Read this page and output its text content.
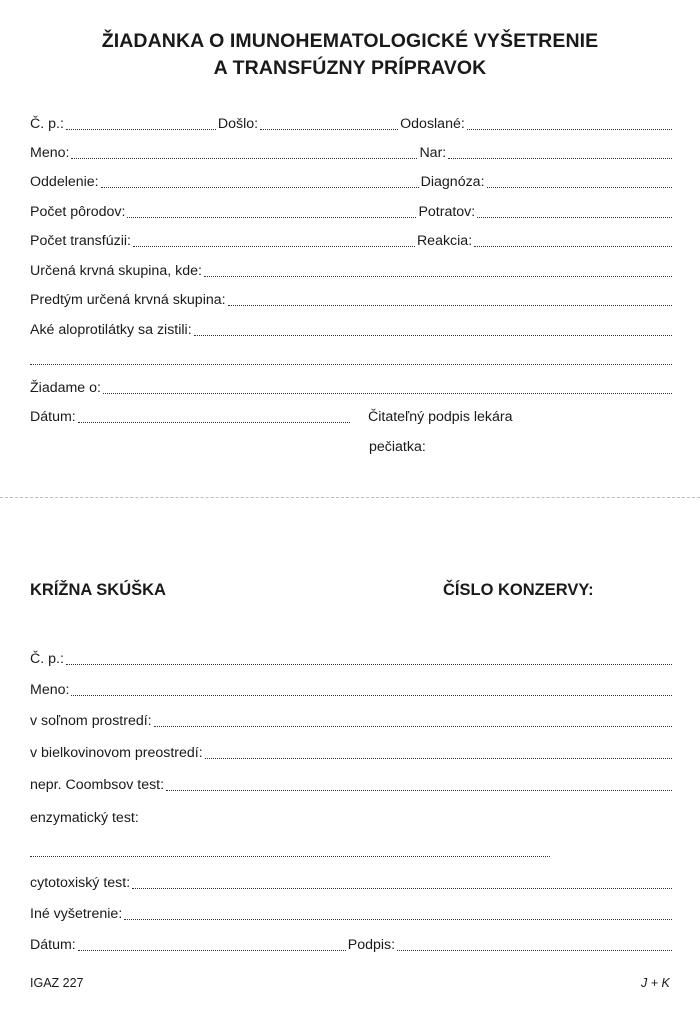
ŽIADANKA O IMUNOHEMATOLOGICKÉ VYŠETRENIE
A TRANSFÚZNY PRÍPRAVOK
Č. p.:	Došlo:	Odoslané:
Meno:	Nar:
Oddelenie:	Diagnóza:
Počet pôrodov:	Potratov:
Počet transfúzii:	Reakcia:
Určená krvná skupina, kde:
Predtým určená krvná skupina:
Aké aloprotilátky sa zistili:
Žiadame o:
Dátum:	Čitateľný podpis lekára
pečiatka:
KRÍŽNA SKÚŠKA	ČÍSLO KONZERVY:
Č. p.:
Meno:
v soľnom prostredí:
v bielkovinovom preostredí:
nepr. Coombsov test:
enzymatický test:
cytotoxiský test:
Iné vyšetrenie:
Dátum:	Podpis:
IGAZ 227	J + K
